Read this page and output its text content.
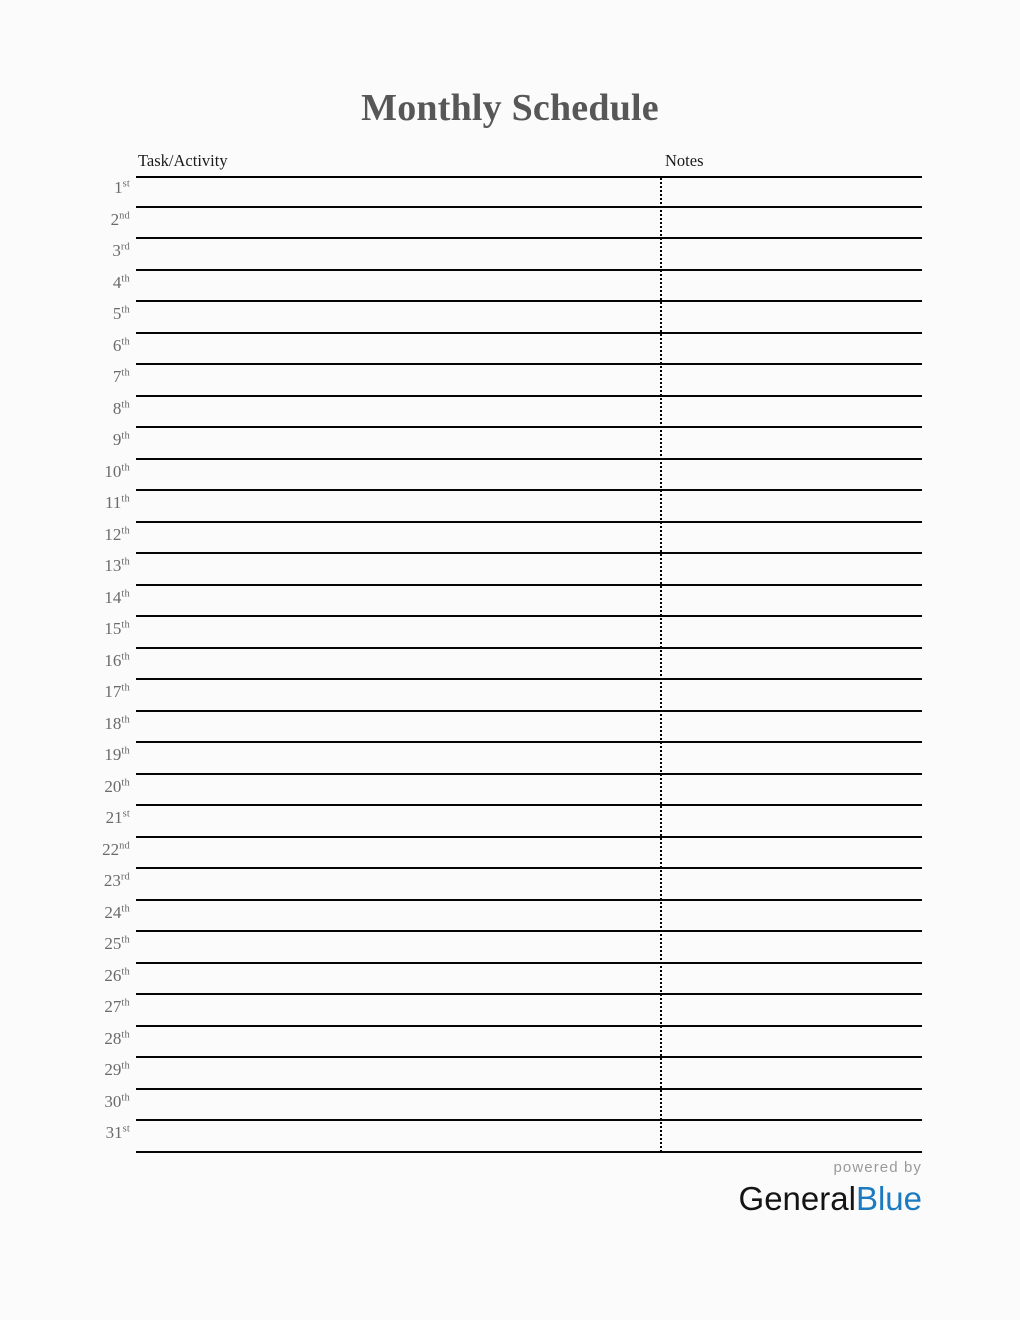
Monthly Schedule
Task/Activity	Notes
1st
2nd
3rd
4th
5th
6th
7th
8th
9th
10th
11th
12th
13th
14th
15th
16th
17th
18th
19th
20th
21st
22nd
23rd
24th
25th
26th
27th
28th
29th
30th
31st
powered by
GeneralBlue
